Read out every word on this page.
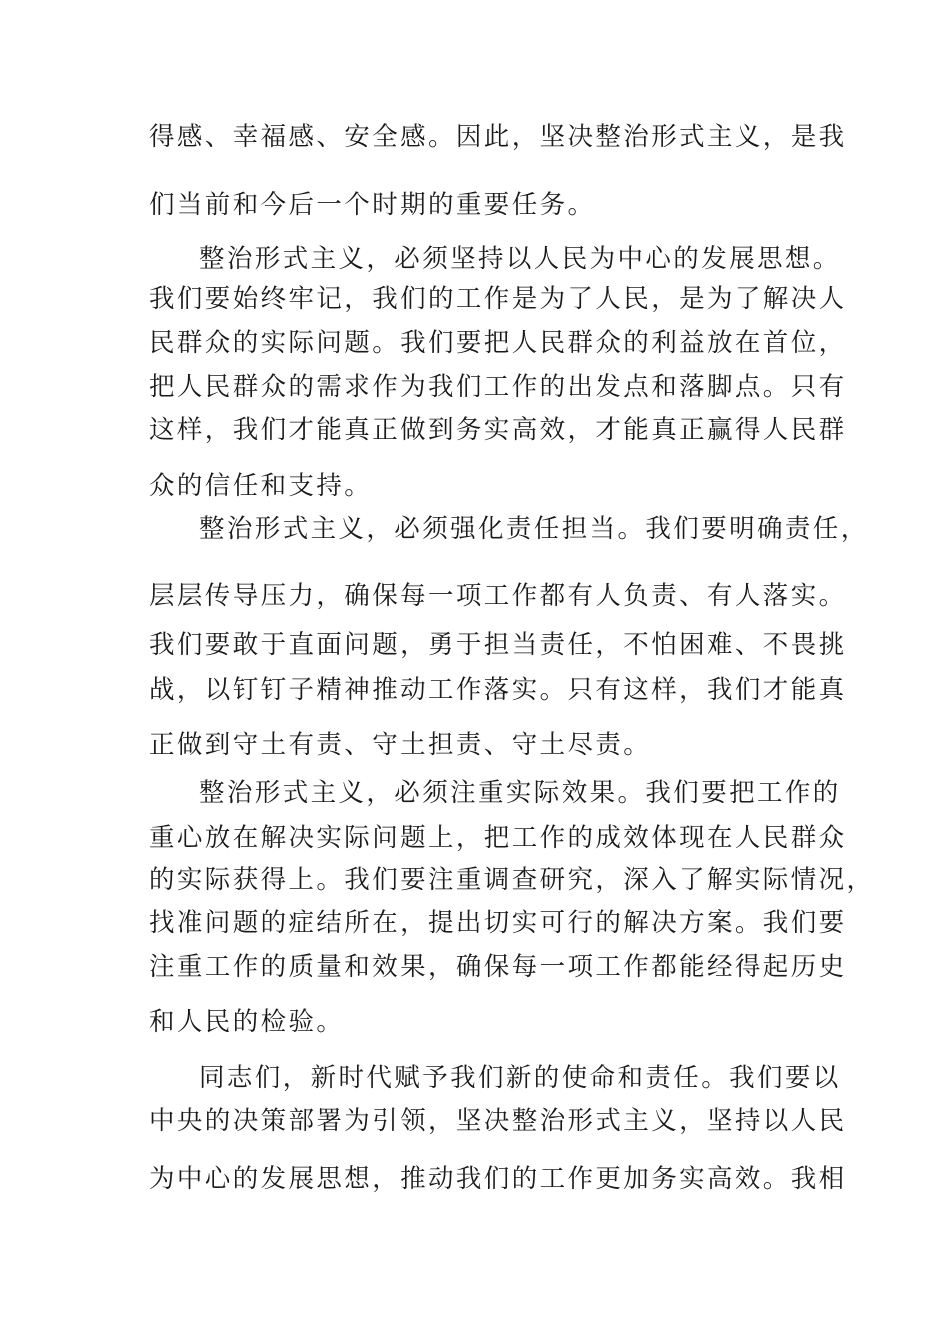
得感、幸福感、安全感。因此，坚决整治形式主义，是我

们当前和今后一个时期的重要任务。

整治形式主义，必须坚持以人民为中心的发展思想。

我们要始终牢记，我们的工作是为了人民，是为了解决人

民群众的实际问题。我们要把人民群众的利益放在首位，

把人民群众的需求作为我们工作的出发点和落脚点。只有

这样，我们才能真正做到务实高效，才能真正赢得人民群

众的信任和支持。

整治形式主义，必须强化责任担当。我们要明确责任，

层层传导压力，确保每一项工作都有人负责、有人落实。

我们要敢于直面问题，勇于担当责任，不怕困难、不畏挑

战，以钉钉子精神推动工作落实。只有这样，我们才能真

正做到守土有责、守土担责、守土尽责。

整治形式主义，必须注重实际效果。我们要把工作的

重心放在解决实际问题上，把工作的成效体现在人民群众

的实际获得上。我们要注重调查研究，深入了解实际情况，

找准问题的症结所在，提出切实可行的解决方案。我们要

注重工作的质量和效果，确保每一项工作都能经得起历史

和人民的检验。

同志们，新时代赋予我们新的使命和责任。我们要以

中央的决策部署为引领，坚决整治形式主义，坚持以人民

为中心的发展思想，推动我们的工作更加务实高效。我相
